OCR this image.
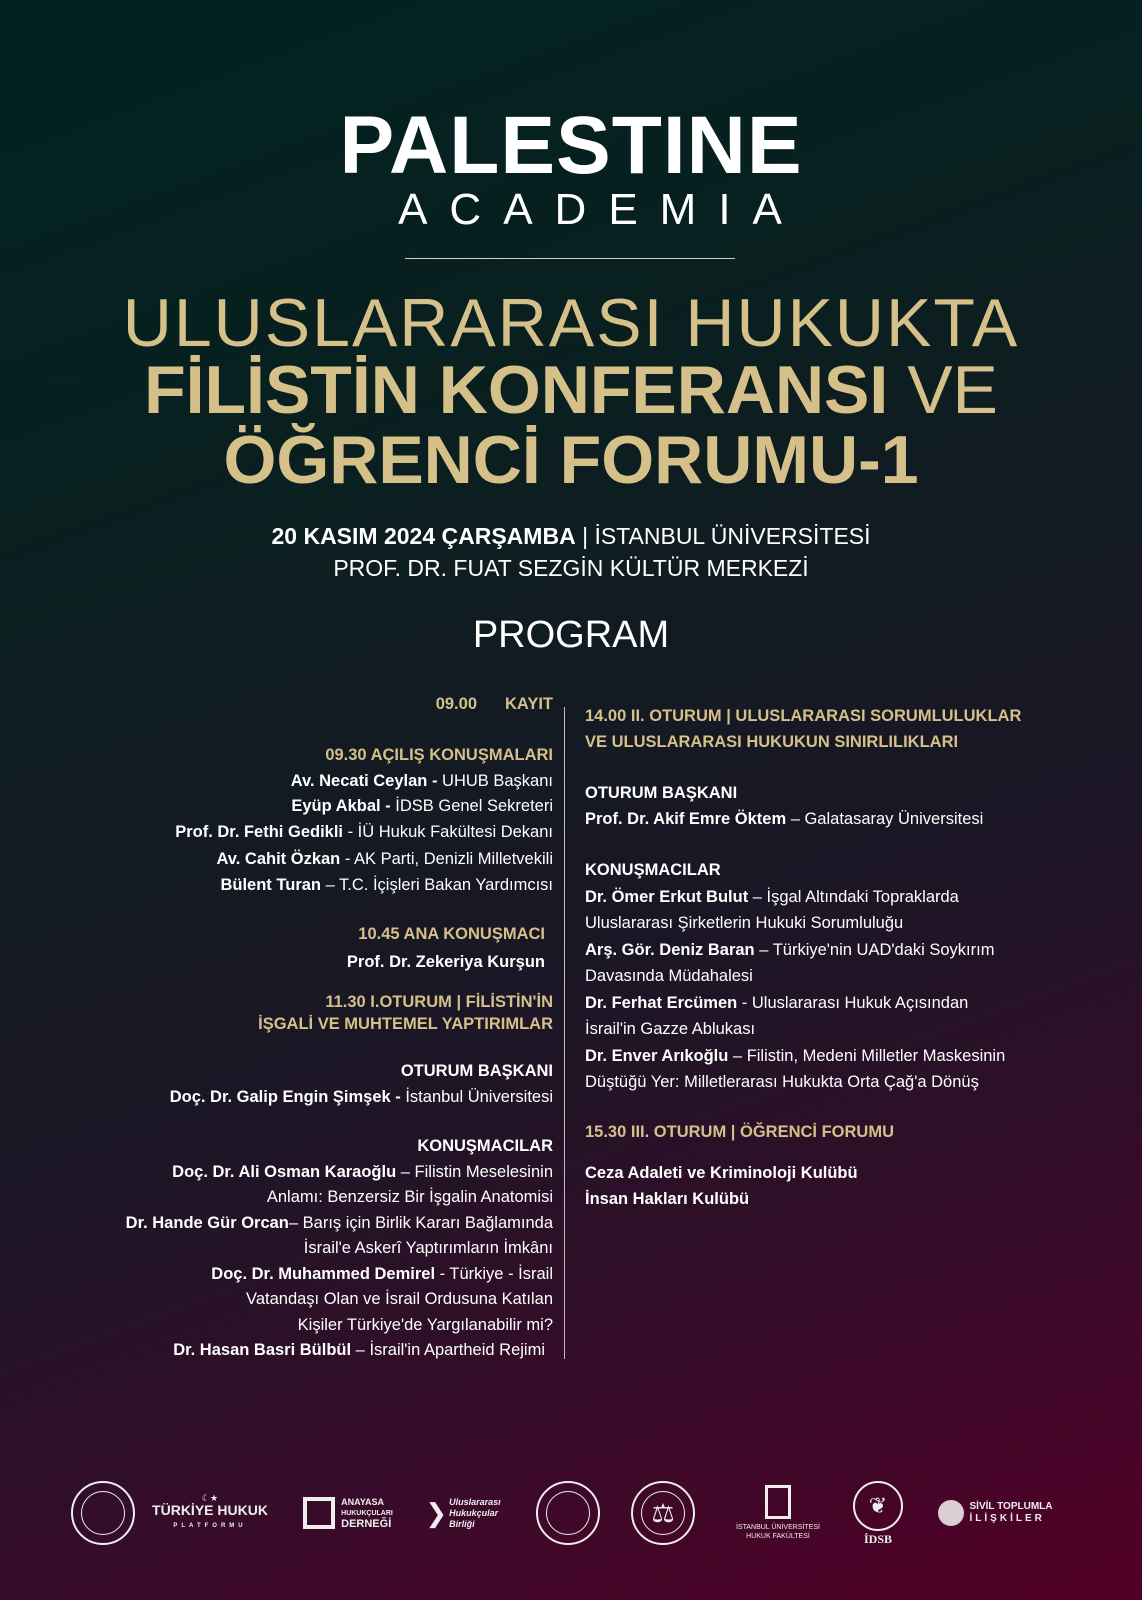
PALESTINE
ACADEMIA
ULUSLARARASI HUKUKTA
FİLİSTİN KONFERANSI VE
ÖĞRENCİ FORUMU-1
20 KASIM 2024 ÇARŞAMBA | İSTANBUL ÜNİVERSİTESİ
PROF. DR. FUAT SEZGİN KÜLTÜR MERKEZİ
PROGRAM
09.00 KAYIT
09.30 AÇILIŞ KONUŞMALARI
Av. Necati Ceylan - UHUB Başkanı
Eyüp Akbal - İDSB Genel Sekreteri
Prof. Dr. Fethi Gedikli - İÜ Hukuk Fakültesi Dekanı
Av. Cahit Özkan - AK Parti, Denizli Milletvekili
Bülent Turan – T.C. İçişleri Bakan Yardımcısı
10.45 ANA KONUŞMACI
Prof. Dr. Zekeriya Kurşun
11.30 I.OTURUM | FİLİSTİN'İN
İŞGALİ VE MUHTEMEL YAPTIRIMLAR
OTURUM BAŞKANI
Doç. Dr. Galip Engin Şimşek - İstanbul Üniversitesi
KONUŞMACILAR
Doç. Dr. Ali Osman Karaoğlu – Filistin Meselesinin
Anlamı: Benzersiz Bir İşgalin Anatomisi
Dr. Hande Gür Orcan– Barış için Birlik Kararı Bağlamında
İsrail'e Askerî Yaptırımların İmkânı
Doç. Dr. Muhammed Demirel - Türkiye - İsrail
Vatandaşı Olan ve İsrail Ordusuna Katılan
Kişiler Türkiye'de Yargılanabilir mi?
Dr. Hasan Basri Bülbül – İsrail'in Apartheid Rejimi
14.00 II. OTURUM | ULUSLARARASI SORUMLULUKLAR
VE ULUSLARARASI HUKUKUN SINIRLILIKLARI
OTURUM BAŞKANI
Prof. Dr. Akif Emre Öktem – Galatasaray Üniversitesi
KONUŞMACILAR
Dr. Ömer Erkut Bulut – İşgal Altındaki Topraklarda
Uluslararası Şirketlerin Hukuki Sorumluluğu
Arş. Gör. Deniz Baran – Türkiye'nin UAD'daki Soykırım
Davasında Müdahalesi
Dr. Ferhat Ercümen - Uluslararası Hukuk Açısından
İsrail'in Gazze Ablukası
Dr. Enver Arıkoğlu – Filistin, Medeni Milletler Maskesinin
Düştüğü Yer: Milletlerarası Hukukta Orta Çağ'a Dönüş
15.30 III. OTURUM | ÖĞRENCİ FORUMU
Ceza Adaleti ve Kriminoloji Kulübü
İnsan Hakları Kulübü
☾★
TÜRKİYE HUKUK
PLATFORMU
ANAYASA
HUKUKÇULARI
DERNEĞİ ❯ Uluslararası
Hukukçular
Birliği	⚖	İSTANBUL ÜNİVERSİTESİ
HUKUK FAKÜLTESİ
❦
İDSB
SİVİL TOPLUMLA
İLİŞKİLER
